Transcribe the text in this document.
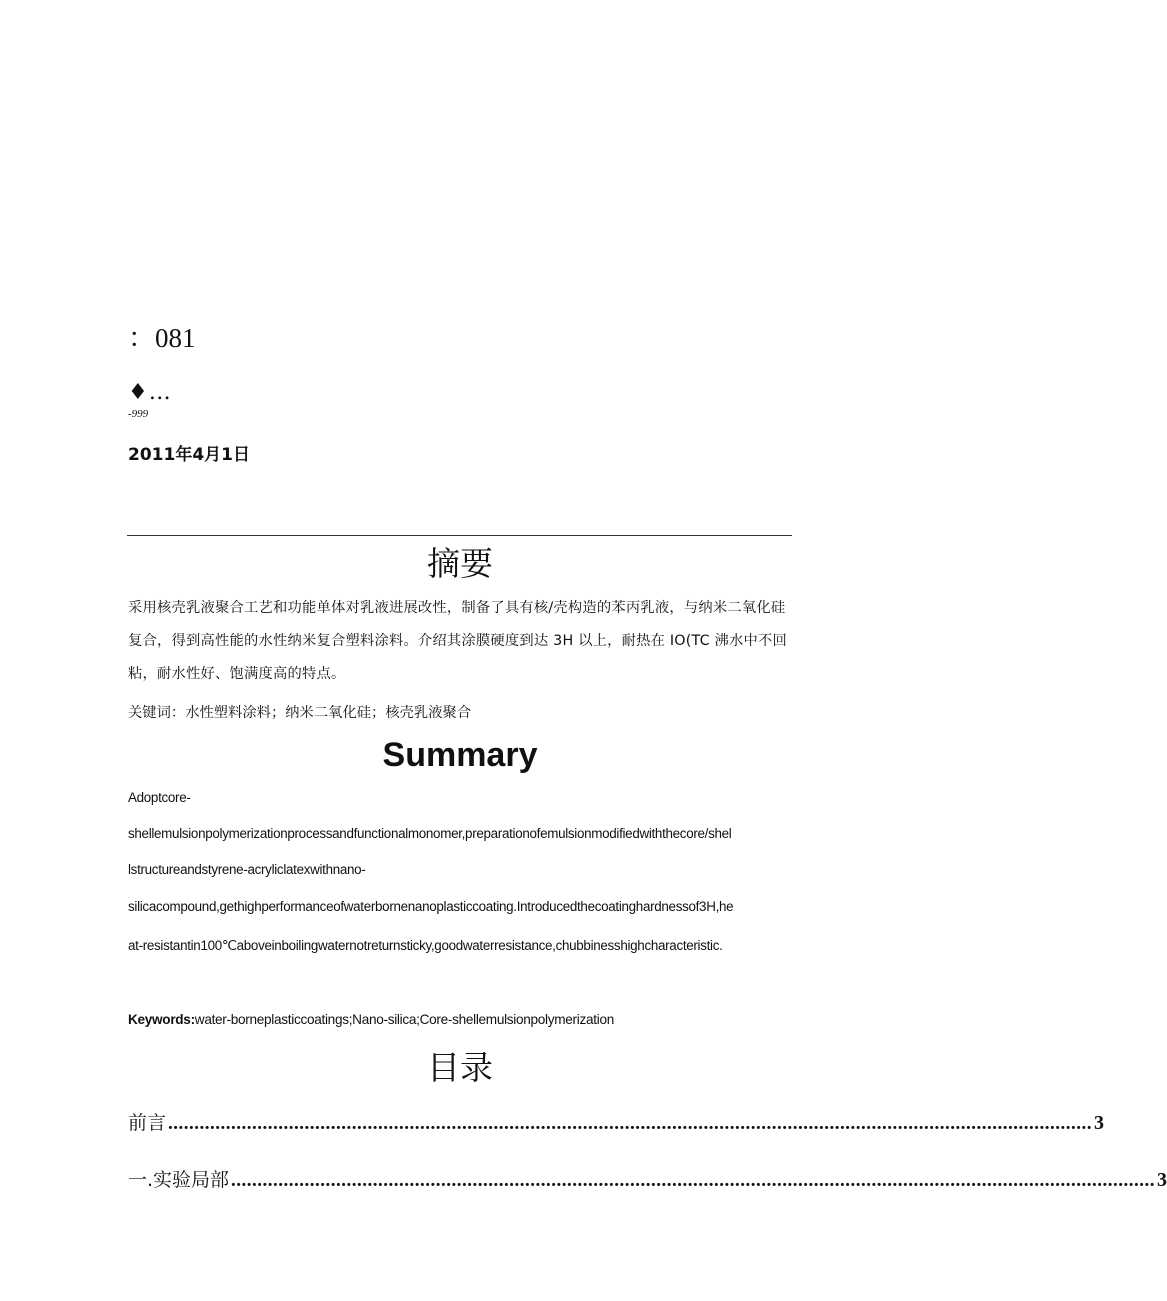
：081
♦…
-999
2011年4月1日
摘要
采用核壳乳液聚合工艺和功能单体对乳液进展改性，制备了具有核/壳构造的苯丙乳液，与纳米二氧化硅复合，得到高性能的水性纳米复合塑料涂料。介绍其涂膜硬度到达 3H 以上，耐热在 IO(TC 沸水中不回粘，耐水性好、饱满度高的特点。
关键词：水性塑料涂料；纳米二氧化硅；核壳乳液聚合
Summary
Adoptcore-
shellemulsionpolymerizationprocessandfunctionalmonomer,preparationofemulsionmodifiedwiththecore/shel
lstructureandstyrene-acryliclatexwithnano-
silicacompound,gethighperformanceofwaterbornenanoplasticcoating.Introducedthecoatinghardnessof3H,he
at-resistantin100℃aboveinboilingwaternotreturnsticky,goodwaterresistance,chubbinesshighcharacteristic.
Keywords:water-borneplasticcoatings;Nano-silica;Core-shellemulsionpolymerization
目录
前言 ................................................................................................................................................................................ 3
一.实验局部 ................................................................................................................................................................................ 3
